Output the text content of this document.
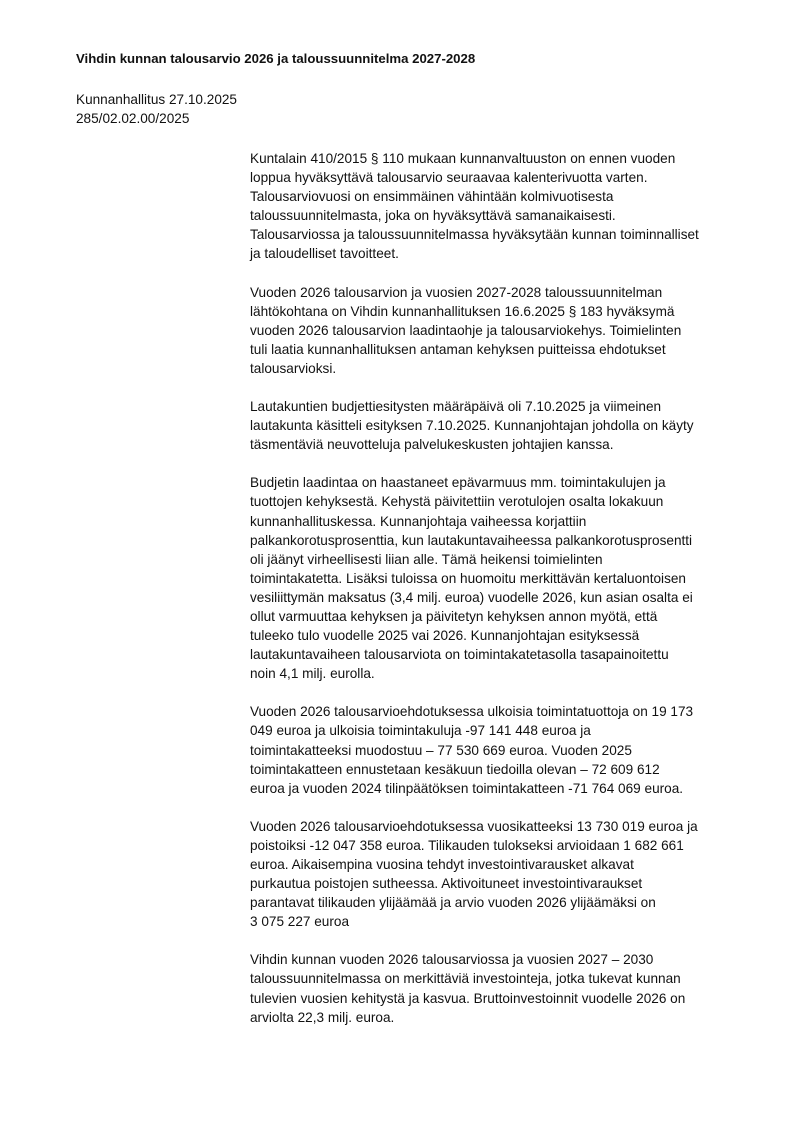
Vihdin kunnan talousarvio 2026 ja taloussuunnitelma 2027-2028
Kunnanhallitus 27.10.2025
285/02.02.00/2025
Kuntalain 410/2015 § 110 mukaan kunnanvaltuuston on ennen vuoden
loppua hyväksyttävä talousarvio seuraavaa kalenterivuotta varten.
Talousarviovuosi on ensimmäinen vähintään kolmivuotisesta
taloussuunnitelmasta, joka on hyväksyttävä samanaikaisesti.
Talousarviossa ja taloussuunnitelmassa hyväksytään kunnan toiminnalliset
ja taloudelliset tavoitteet.
Vuoden 2026 talousarvion ja vuosien 2027-2028 taloussuunnitelman
lähtökohtana on Vihdin kunnanhallituksen 16.6.2025 § 183 hyväksymä
vuoden 2026 talousarvion laadintaohje ja talousarviokehys. Toimielinten
tuli laatia kunnanhallituksen antaman kehyksen puitteissa ehdotukset
talousarvioksi.
Lautakuntien budjettiesitysten määräpäivä oli 7.10.2025 ja viimeinen
lautakunta käsitteli esityksen 7.10.2025. Kunnanjohtajan johdolla on käyty
täsmentäviä neuvotteluja palvelukeskusten johtajien kanssa.
Budjetin laadintaa on haastaneet epävarmuus mm. toimintakulujen ja
tuottojen kehyksestä. Kehystä päivitettiin verotulojen osalta lokakuun
kunnanhallituskessa. Kunnanjohtaja vaiheessa korjattiin
palkankorotusprosenttia, kun lautakuntavaiheessa palkankorotusprosentti
oli jäänyt virheellisesti liian alle. Tämä heikensi toimielinten
toimintakatetta. Lisäksi tuloissa on huomoitu merkittävän kertaluontoisen
vesiliittymän maksatus (3,4 milj. euroa) vuodelle 2026, kun asian osalta ei
ollut varmuuttaa kehyksen ja päivitetyn kehyksen annon myötä, että
tuleeko tulo vuodelle 2025 vai 2026. Kunnanjohtajan esityksessä
lautakuntavaiheen talousarviota on toimintakatetasolla tasapainoitettu
noin 4,1 milj. eurolla.
Vuoden 2026 talousarvioehdotuksessa ulkoisia toimintatuottoja on 19 173
049 euroa ja ulkoisia toimintakuluja -97 141 448 euroa ja
toimintakatteeksi muodostuu – 77 530 669 euroa. Vuoden 2025
toimintakatteen ennustetaan kesäkuun tiedoilla olevan – 72 609 612
euroa ja vuoden 2024 tilinpäätöksen toimintakatteen -71 764 069 euroa.
Vuoden 2026 talousarvioehdotuksessa vuosikatteeksi 13 730 019 euroa ja
poistoiksi -12 047 358 euroa. Tilikauden tulokseksi arvioidaan 1 682 661
euroa. Aikaisempina vuosina tehdyt investointivarausket alkavat
purkautua poistojen sutheessa. Aktivoituneet investointivaraukset
parantavat tilikauden ylijäämää ja arvio vuoden 2026 ylijäämäksi on
3 075 227 euroa
Vihdin kunnan vuoden 2026 talousarviossa ja vuosien 2027 – 2030
taloussuunnitelmassa on merkittäviä investointeja, jotka tukevat kunnan
tulevien vuosien kehitystä ja kasvua. Bruttoinvestoinnit vuodelle 2026 on
arviolta 22,3 milj. euroa.
